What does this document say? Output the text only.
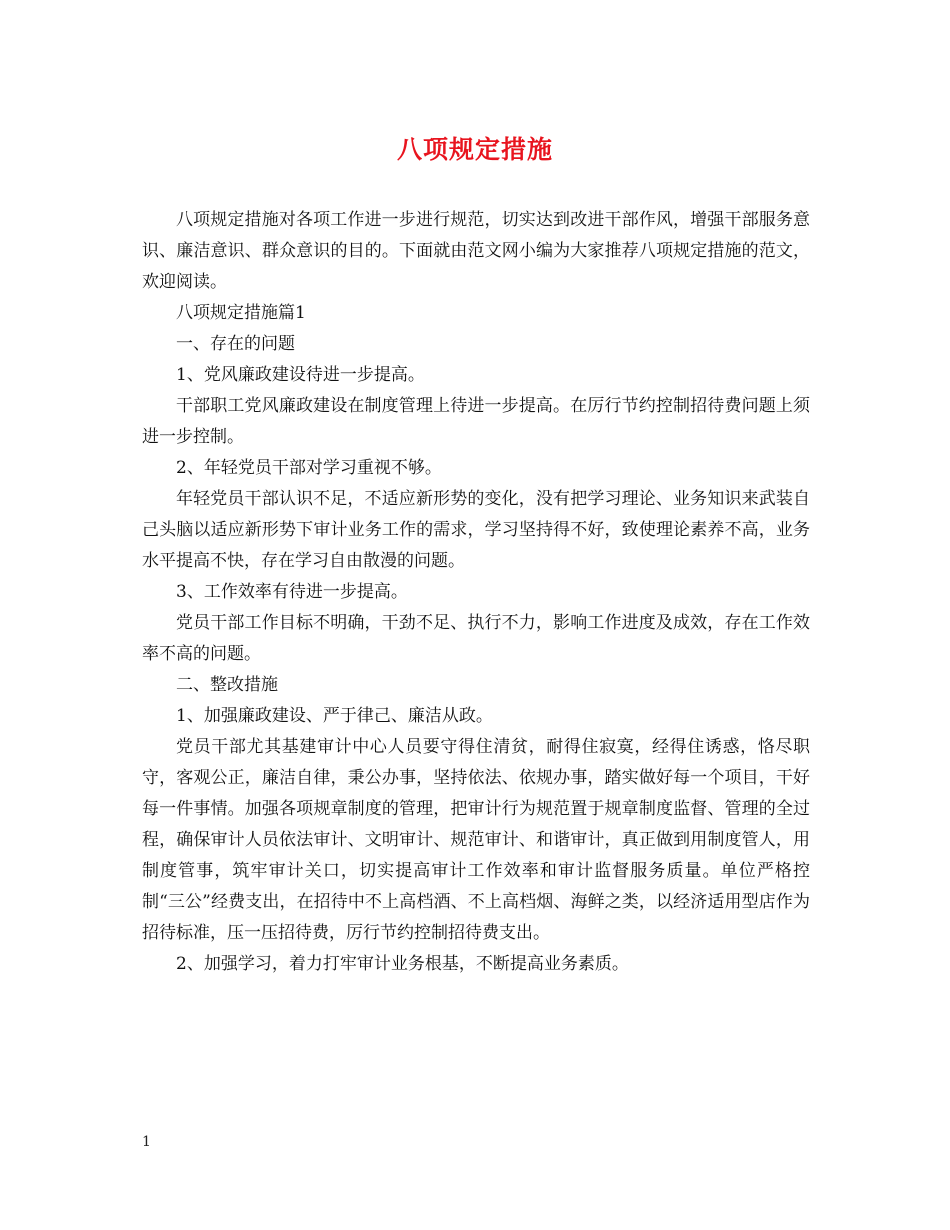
八项规定措施

八项规定措施对各项工作进一步进行规范，切实达到改进干部作风，增强干部服务意识、廉洁意识、群众意识的目的。下面就由范文网小编为大家推荐八项规定措施的范文，欢迎阅读。

八项规定措施篇1

一、存在的问题

1、党风廉政建设待进一步提高。

干部职工党风廉政建设在制度管理上待进一步提高。在厉行节约控制招待费问题上须进一步控制。

2、年轻党员干部对学习重视不够。

年轻党员干部认识不足，不适应新形势的变化，没有把学习理论、业务知识来武装自己头脑以适应新形势下审计业务工作的需求，学习坚持得不好，致使理论素养不高，业务水平提高不快，存在学习自由散漫的问题。

3、工作效率有待进一步提高。

党员干部工作目标不明确，干劲不足、执行不力，影响工作进度及成效，存在工作效率不高的问题。

二、整改措施

1、加强廉政建设、严于律己、廉洁从政。

党员干部尤其基建审计中心人员要守得住清贫，耐得住寂寞，经得住诱惑，恪尽职守，客观公正，廉洁自律，秉公办事，坚持依法、依规办事，踏实做好每一个项目，干好每一件事情。加强各项规章制度的管理，把审计行为规范置于规章制度监督、管理的全过程，确保审计人员依法审计、文明审计、规范审计、和谐审计，真正做到用制度管人，用制度管事，筑牢审计关口，切实提高审计工作效率和审计监督服务质量。单位严格控制“三公”经费支出，在招待中不上高档酒、不上高档烟、海鲜之类，以经济适用型店作为招待标准，压一压招待费，厉行节约控制招待费支出。

2、加强学习，着力打牢审计业务根基，不断提高业务素质。

1
